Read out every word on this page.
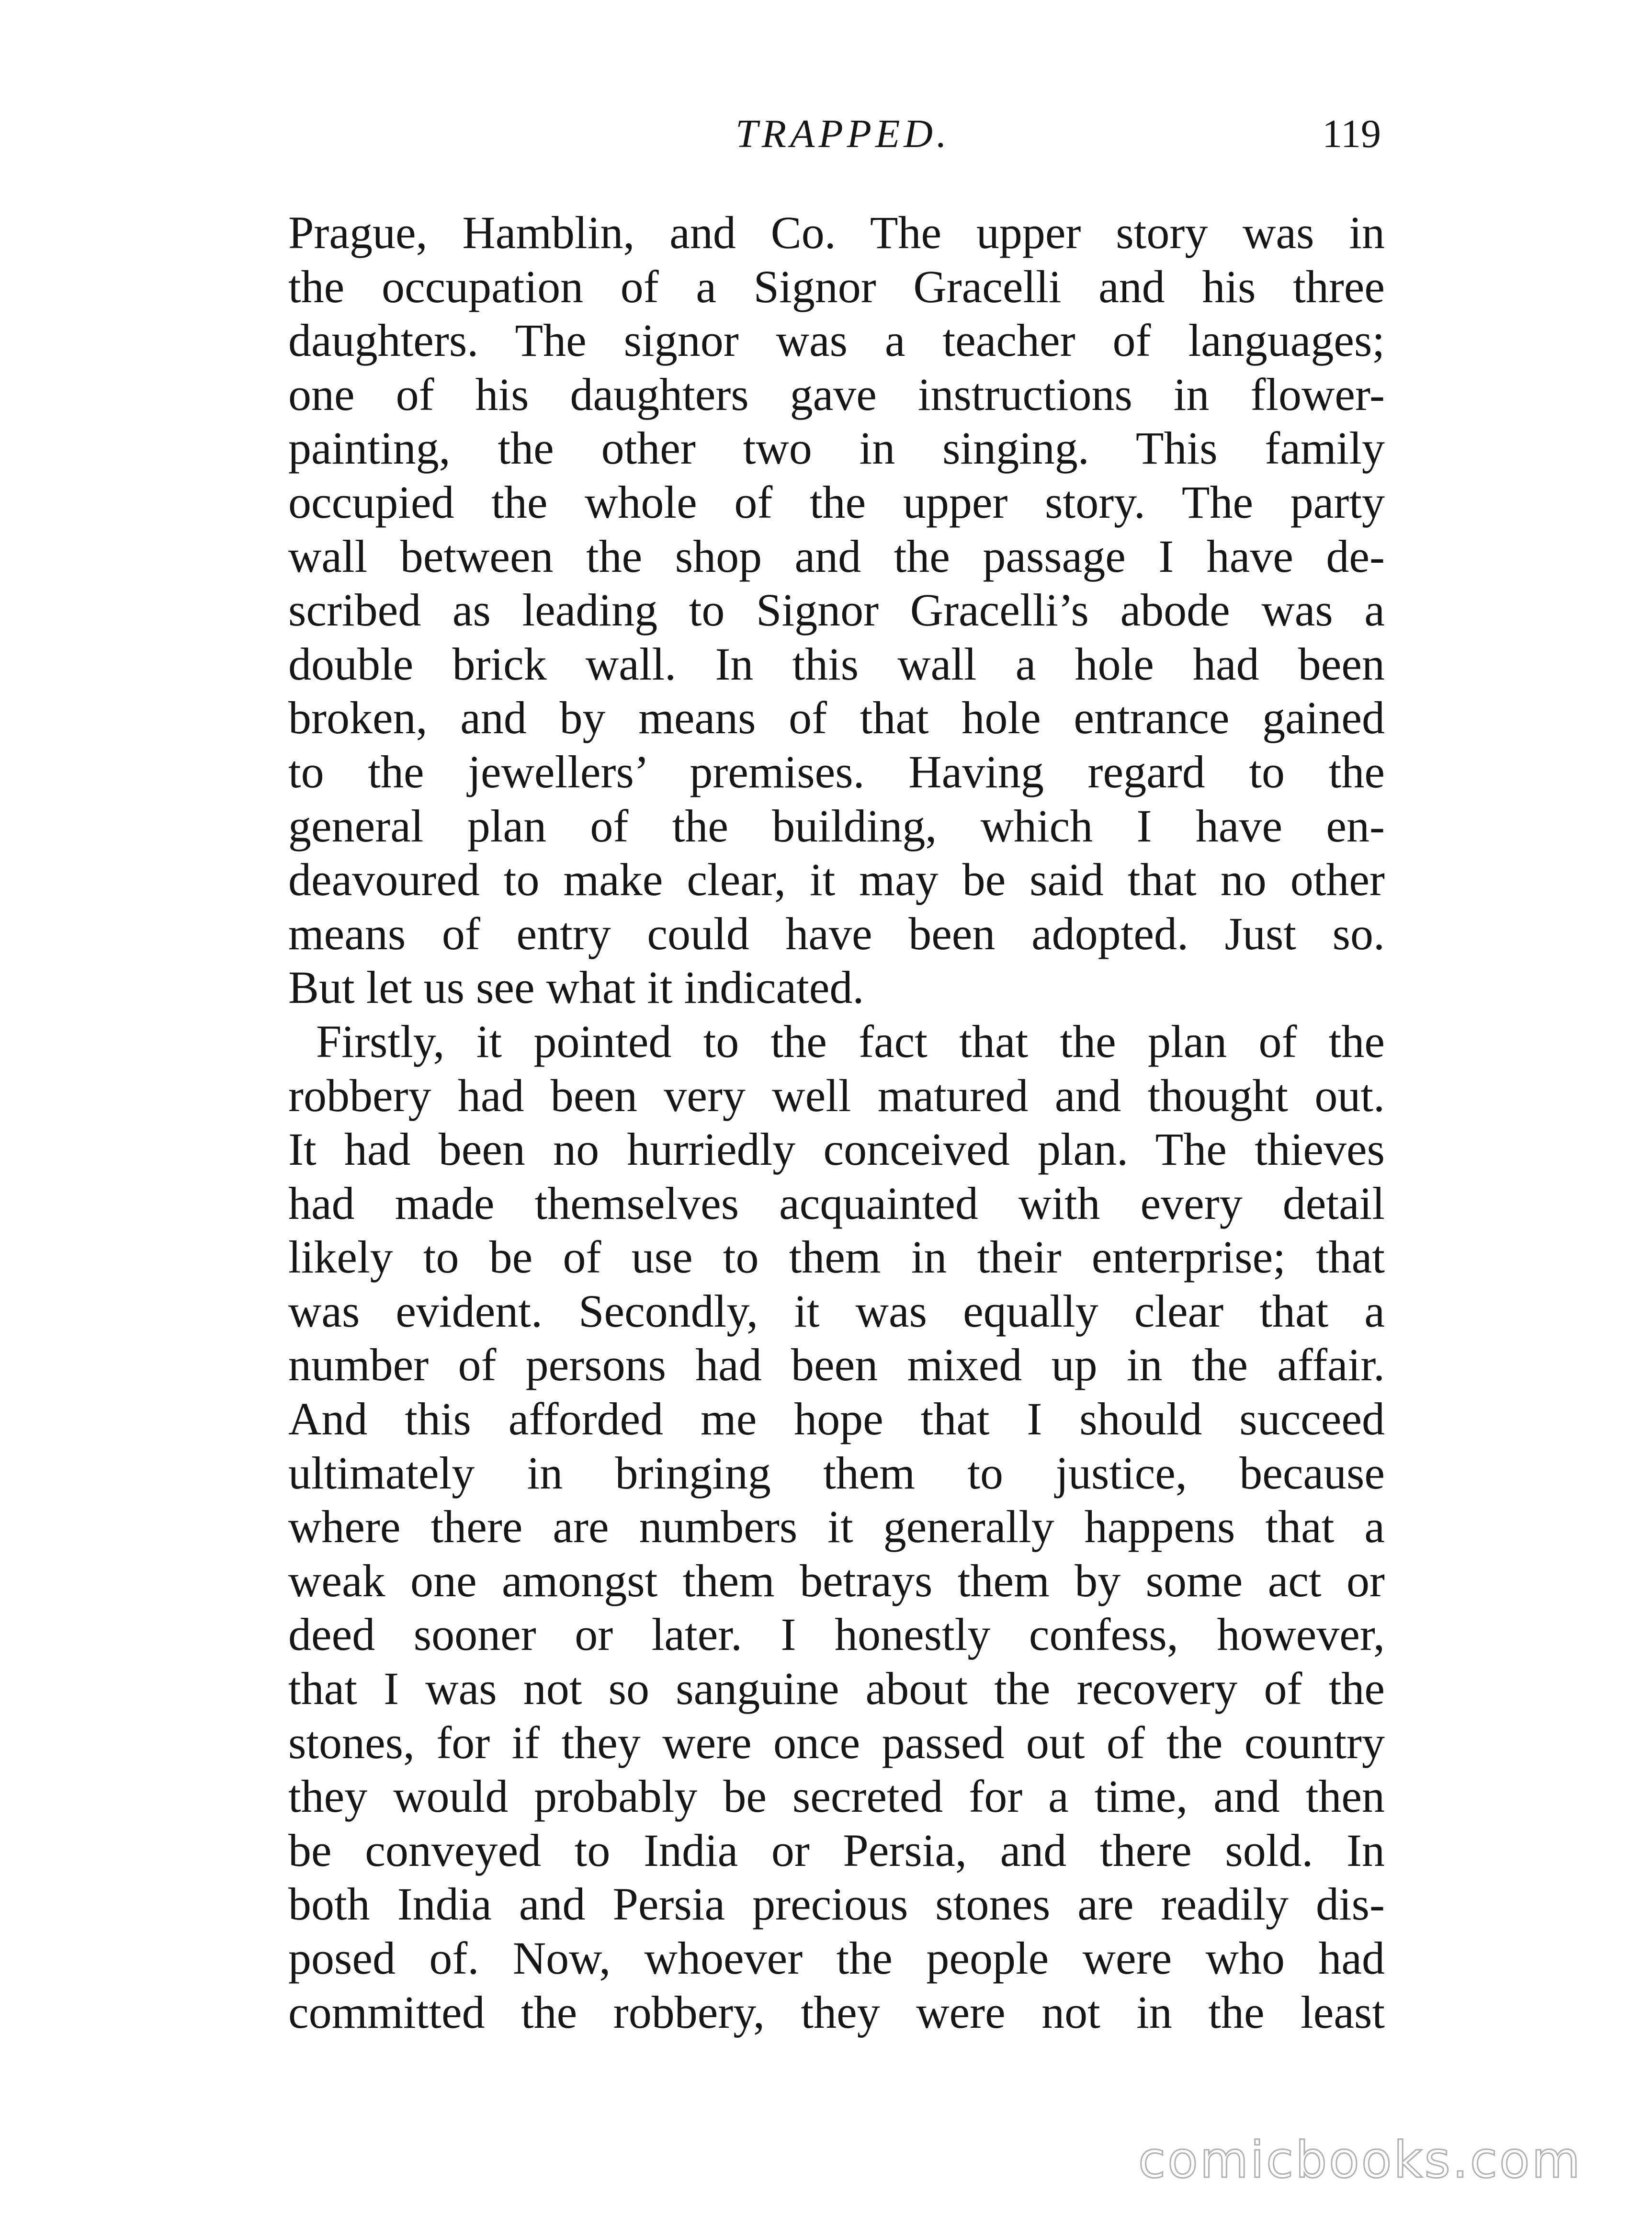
TRAPPED.	119
Prague, Hamblin, and Co. The upper story was in
the occupation of a Signor Gracelli and his three
daughters. The signor was a teacher of languages;
one of his daughters gave instructions in flower-
painting, the other two in singing. This family
occupied the whole of the upper story. The party
wall between the shop and the passage I have de-
scribed as leading to Signor Gracelli’s abode was a
double brick wall. In this wall a hole had been
broken, and by means of that hole entrance gained
to the jewellers’ premises. Having regard to the
general plan of the building, which I have en-
deavoured to make clear, it may be said that no other
means of entry could have been adopted. Just so.
But let us see what it indicated.
Firstly, it pointed to the fact that the plan of the
robbery had been very well matured and thought out.
It had been no hurriedly conceived plan. The thieves
had made themselves acquainted with every detail
likely to be of use to them in their enterprise; that
was evident. Secondly, it was equally clear that a
number of persons had been mixed up in the affair.
And this afforded me hope that I should succeed
ultimately in bringing them to justice, because
where there are numbers it generally happens that a
weak one amongst them betrays them by some act or
deed sooner or later. I honestly confess, however,
that I was not so sanguine about the recovery of the
stones, for if they were once passed out of the country
they would probably be secreted for a time, and then
be conveyed to India or Persia, and there sold. In
both India and Persia precious stones are readily dis-
posed of. Now, whoever the people were who had
committed the robbery, they were not in the least
comicbooks.com
